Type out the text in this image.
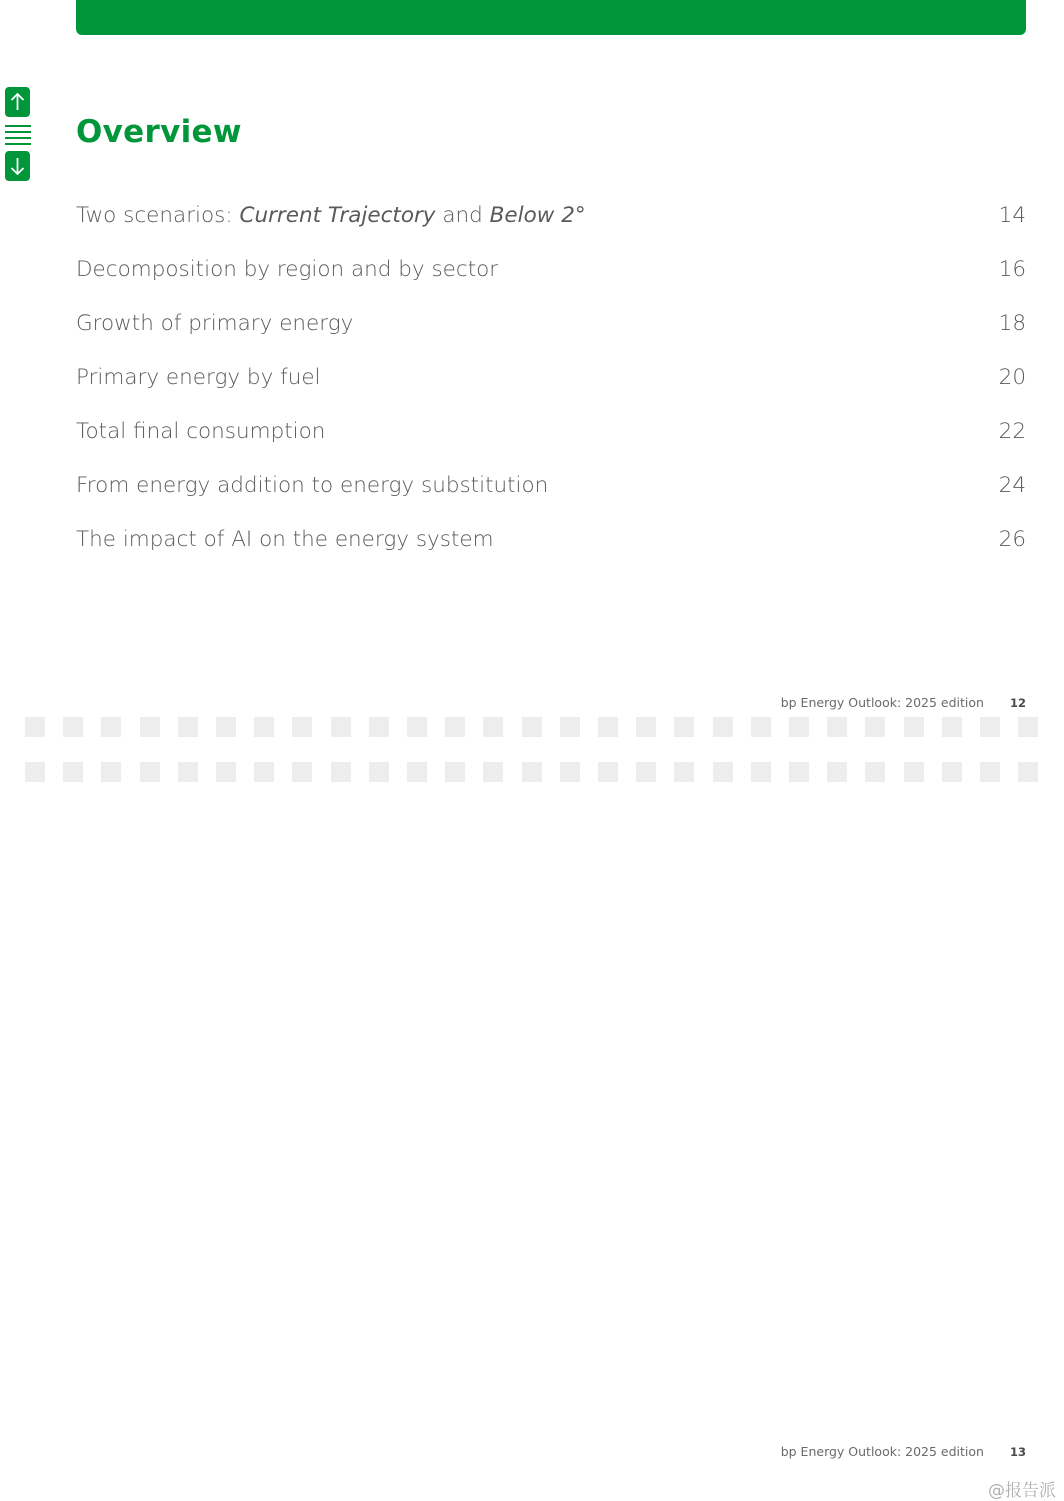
Overview
Two scenarios: Current Trajectory and Below 2°	14
Decomposition by region and by sector	16
Growth of primary energy	18
Primary energy by fuel	20
Total final consumption	22
From energy addition to energy substitution	24
The impact of AI on the energy system	26
bp Energy Outlook: 2025 edition 12
bp Energy Outlook: 2025 edition 13
@报告派
